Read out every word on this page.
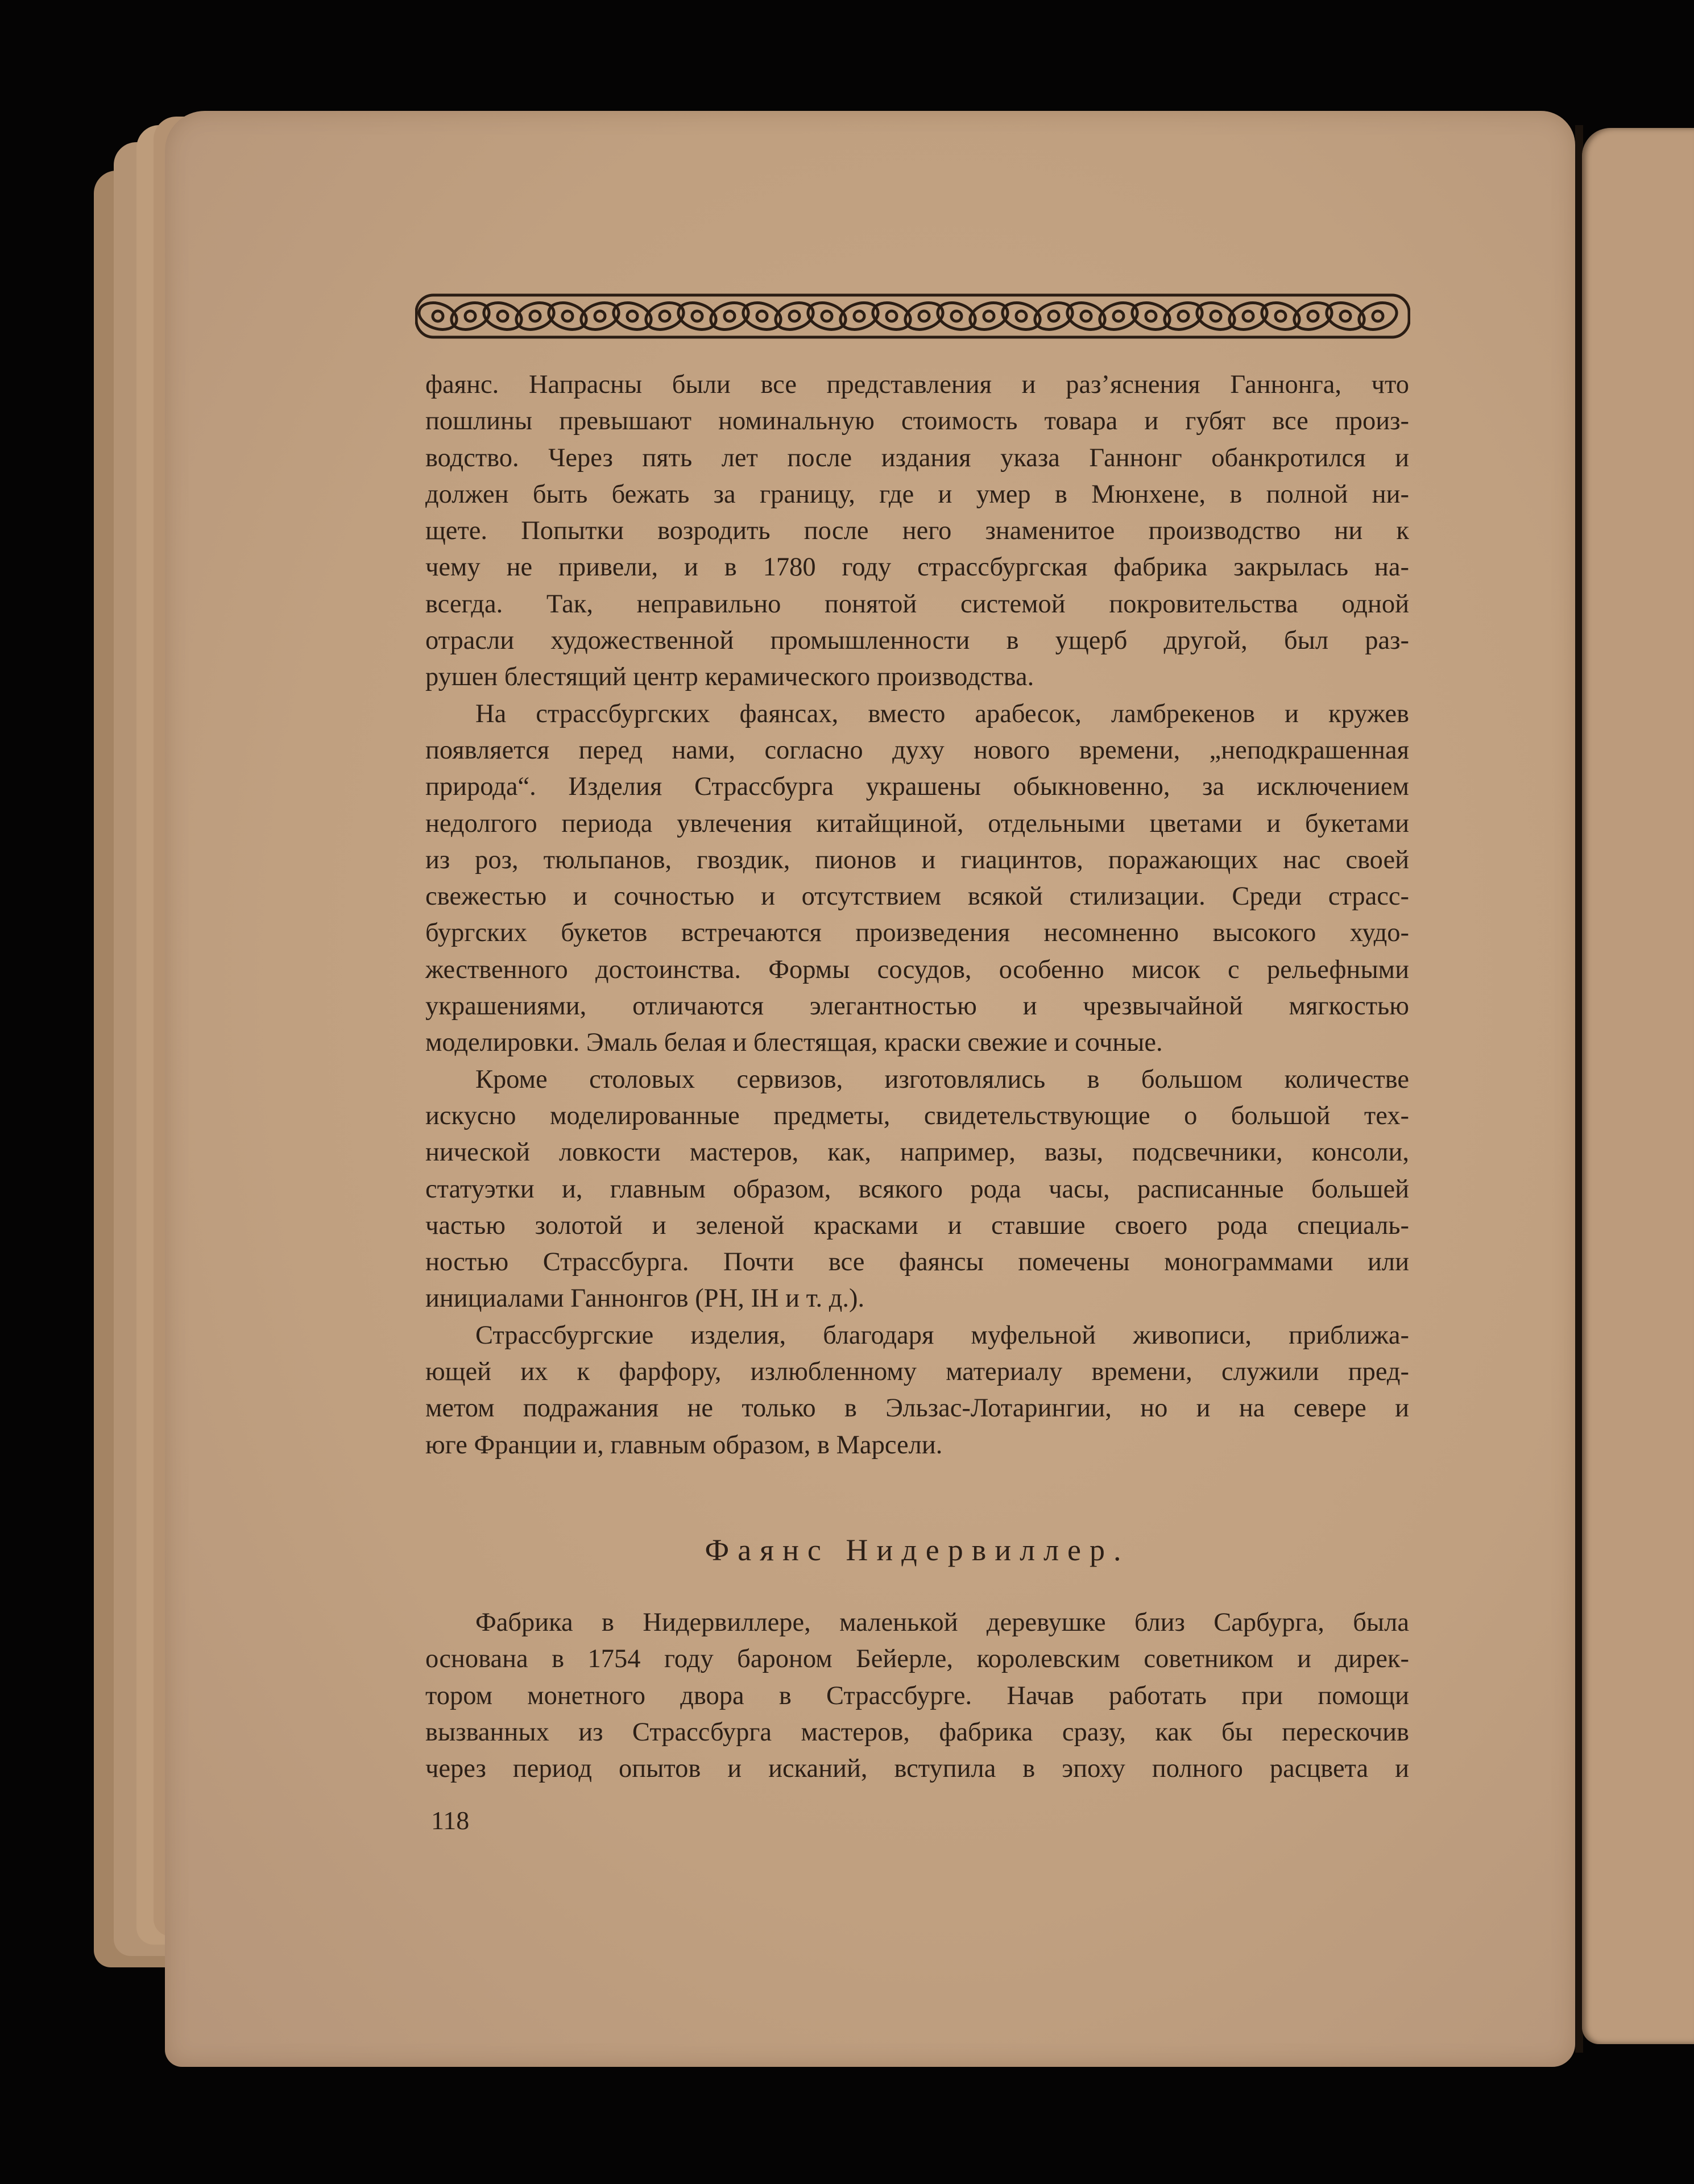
фаянс. Напрасны были все представления и раз’яснения Ганнонга, что
пошлины превышают номинальную стоимость товара и губят все произ-
водство. Через пять лет после издания указа Ганнонг обанкротился и
должен быть бежать за границу, где и умер в Мюнхене, в полной ни-
щете. Попытки возродить после него знаменитое производство ни к
чему не привели, и в 1780 году страссбургская фабрика закрылась на-
всегда. Так, неправильно понятой системой покровительства одной
отрасли художественной промышленности в ущерб другой, был раз-
рушен блестящий центр керамического производства.
На страссбургских фаянсах, вместо арабесок, ламбрекенов и кружев
появляется перед нами, согласно духу нового времени, „неподкрашенная
природа“. Изделия Страссбурга украшены обыкновенно, за исключением
недолгого периода увлечения китайщиной, отдельными цветами и букетами
из роз, тюльпанов, гвоздик, пионов и гиацинтов, поражающих нас своей
свежестью и сочностью и отсутствием всякой стилизации. Среди страсс-
бургских букетов встречаются произведения несомненно высокого худо-
жественного достоинства. Формы сосудов, особенно мисок с рельефными
украшениями, отличаются элегантностью и чрезвычайной мягкостью
моделировки. Эмаль белая и блестящая, краски свежие и сочные.
Кроме столовых сервизов, изготовлялись в большом количестве
искусно моделированные предметы, свидетельствующие о большой тех-
нической ловкости мастеров, как, например, вазы, подсвечники, консоли,
статуэтки и, главным образом, всякого рода часы, расписанные большей
частью золотой и зеленой красками и ставшие своего рода специаль-
ностью Страссбурга. Почти все фаянсы помечены монограммами или
инициалами Ганнонгов (PH, IH и т. д.).
Страссбургские изделия, благодаря муфельной живописи, приближа-
ющей их к фарфору, излюбленному материалу времени, служили пред-
метом подражания не только в Эльзас-Лотарингии, но и на севере и
юге Франции и, главным образом, в Марсели.
Фаянс Нидервиллер.
Фабрика в Нидервиллере, маленькой деревушке близ Сарбурга, была
основана в 1754 году бароном Бейерле, королевским советником и дирек-
тором монетного двора в Страссбурге. Начав работать при помощи
вызванных из Страссбурга мастеров, фабрика сразу, как бы перескочив
через период опытов и исканий, вступила в эпоху полного расцвета и
118
